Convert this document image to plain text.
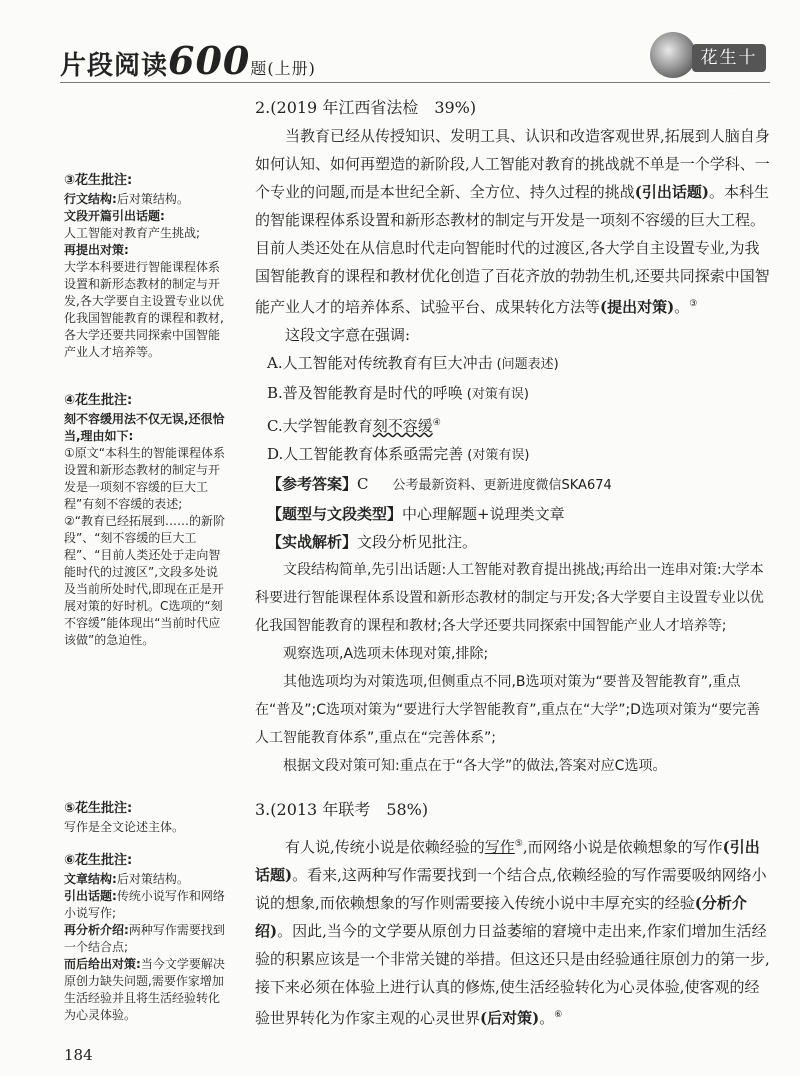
片段阅读600题(上册)
花生十三

③花生批注:

行文结构:后对策结构。

文段开篇引出话题:

人工智能对教育产生挑战;

再提出对策:

大学本科要进行智能课程体系设置和新形态教材的制定与开发,各大学要自主设置专业以优化我国智能教育的课程和教材,各大学还要共同探索中国智能产业人才培养等。

④花生批注:

刻不容缓用法不仅无误,还很恰当,理由如下:

①原文“本科生的智能课程体系设置和新形态教材的制定与开发是一项刻不容缓的巨大工程”有刻不容缓的表述;

②“教育已经拓展到……的新阶段”、“刻不容缓的巨大工程”、“目前人类还处于走向智能时代的过渡区”,文段多处说及当前所处时代,即现在正是开展对策的好时机。C选项的“刻不容缓”能体现出“当前时代应该做”的急迫性。

⑤花生批注:

写作是全文论述主体。

⑥花生批注:

文章结构:后对策结构。

引出话题:传统小说写作和网络小说写作;

再分析介绍:两种写作需要找到一个结合点;

而后给出对策:当今文学要解决原创力缺失问题,需要作家增加生活经验并且将生活经验转化为心灵体验。

2.(2019 年江西省法检　39%)

当教育已经从传授知识、发明工具、认识和改造客观世界,拓展到人脑自身如何认知、如何再塑造的新阶段,人工智能对教育的挑战就不单是一个学科、一个专业的问题,而是本世纪全新、全方位、持久过程的挑战(引出话题)。本科生的智能课程体系设置和新形态教材的制定与开发是一项刻不容缓的巨大工程。目前人类还处在从信息时代走向智能时代的过渡区,各大学自主设置专业,为我国智能教育的课程和教材优化创造了百花齐放的勃勃生机,还要共同探索中国智能产业人才的培养体系、试验平台、成果转化方法等(提出对策)。③

这段文字意在强调:

A.人工智能对传统教育有巨大冲击 (问题表述)

B.普及智能教育是时代的呼唤 (对策有误)

C.大学智能教育刻不容缓④

D.人工智能教育体系亟需完善 (对策有误)

【参考答案】C 公考最新资料、更新进度微信SKA674

【题型与文段类型】中心理解题+说理类文章

【实战解析】文段分析见批注。

文段结构简单,先引出话题:人工智能对教育提出挑战;再给出一连串对策:大学本科要进行智能课程体系设置和新形态教材的制定与开发;各大学要自主设置专业以优化我国智能教育的课程和教材;各大学还要共同探索中国智能产业人才培养等;

观察选项,A选项未体现对策,排除;

其他选项均为对策选项,但侧重点不同,B选项对策为“要普及智能教育”,重点在“普及”;C选项对策为“要进行大学智能教育”,重点在“大学”;D选项对策为“要完善人工智能教育体系”,重点在“完善体系”;

根据文段对策可知:重点在于“各大学”的做法,答案对应C选项。

3.(2013 年联考　58%)

有人说,传统小说是依赖经验的写作⑤,而网络小说是依赖想象的写作(引出话题)。看来,这两种写作需要找到一个结合点,依赖经验的写作需要吸纳网络小说的想象,而依赖想象的写作则需要接入传统小说中丰厚充实的经验(分析介绍)。因此,当今的文学要从原创力日益萎缩的窘境中走出来,作家们增加生活经验的积累应该是一个非常关键的举措。但这还只是由经验通往原创力的第一步,接下来必须在体验上进行认真的修炼,使生活经验转化为心灵体验,使客观的经验世界转化为作家主观的心灵世界(后对策)。⑥

184
